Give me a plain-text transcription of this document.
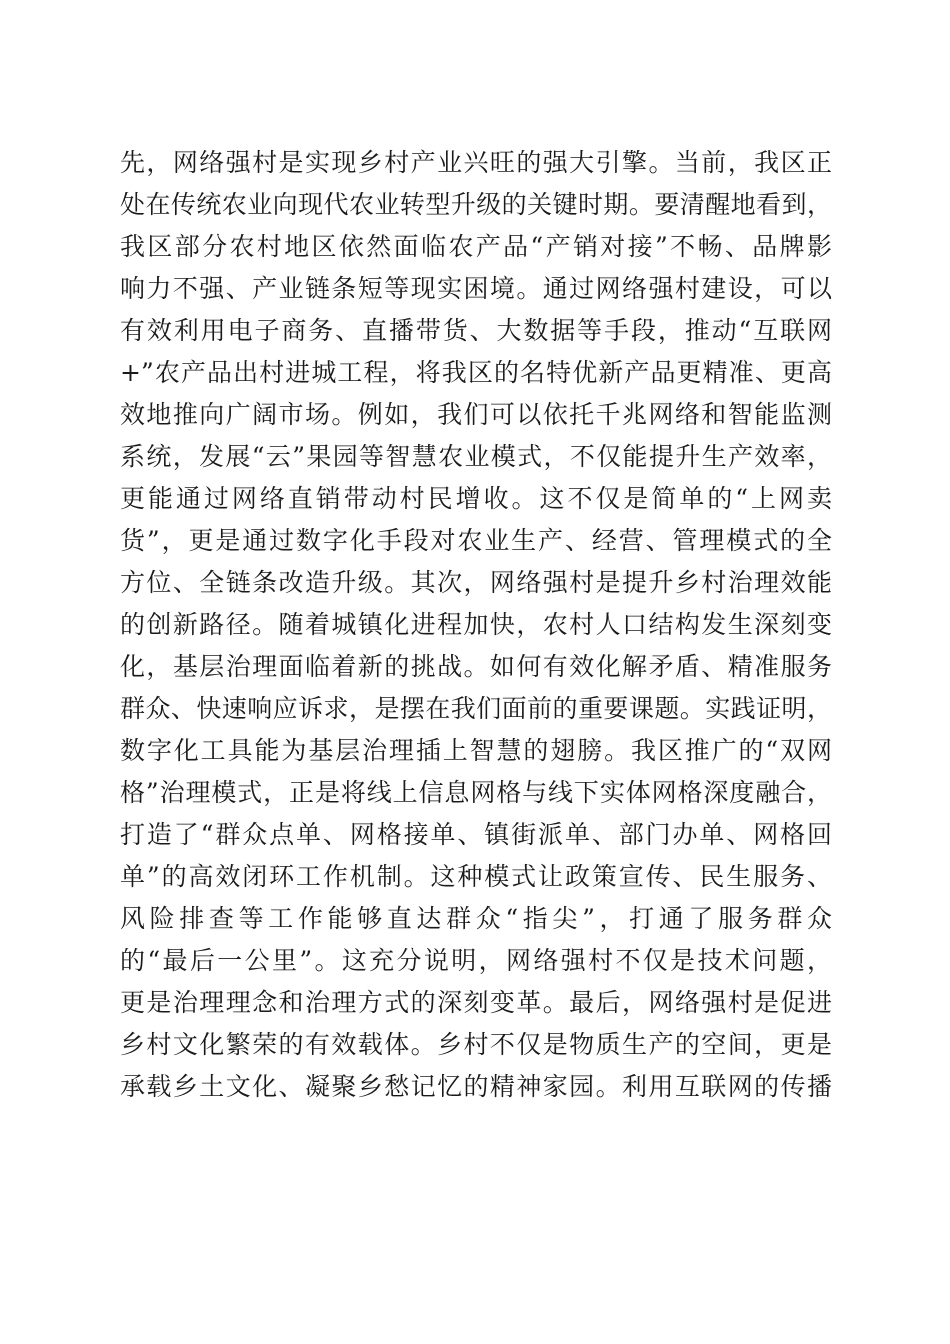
先，网络强村是实现乡村产业兴旺的强大引擎。当前，我区正
处在传统农业向现代农业转型升级的关键时期。要清醒地看到，
我区部分农村地区依然面临农产品“产销对接”不畅、品牌影
响力不强、产业链条短等现实困境。通过网络强村建设，可以
有效利用电子商务、直播带货、大数据等手段，推动“互联网
+”农产品出村进城工程，将我区的名特优新产品更精准、更高
效地推向广阔市场。例如，我们可以依托千兆网络和智能监测
系统，发展“云”果园等智慧农业模式，不仅能提升生产效率，
更能通过网络直销带动村民增收。这不仅是简单的“上网卖
货”，更是通过数字化手段对农业生产、经营、管理模式的全
方位、全链条改造升级。其次，网络强村是提升乡村治理效能
的创新路径。随着城镇化进程加快，农村人口结构发生深刻变
化，基层治理面临着新的挑战。如何有效化解矛盾、精准服务
群众、快速响应诉求，是摆在我们面前的重要课题。实践证明，
数字化工具能为基层治理插上智慧的翅膀。我区推广的“双网
格”治理模式，正是将线上信息网格与线下实体网格深度融合，
打造了“群众点单、网格接单、镇街派单、部门办单、网格回
单”的高效闭环工作机制。这种模式让政策宣传、民生服务、
风险排查等工作能够直达群众“指尖”，打通了服务群众
的“最后一公里”。这充分说明，网络强村不仅是技术问题，
更是治理理念和治理方式的深刻变革。最后，网络强村是促进
乡村文化繁荣的有效载体。乡村不仅是物质生产的空间，更是
承载乡土文化、凝聚乡愁记忆的精神家园。利用互联网的传播
